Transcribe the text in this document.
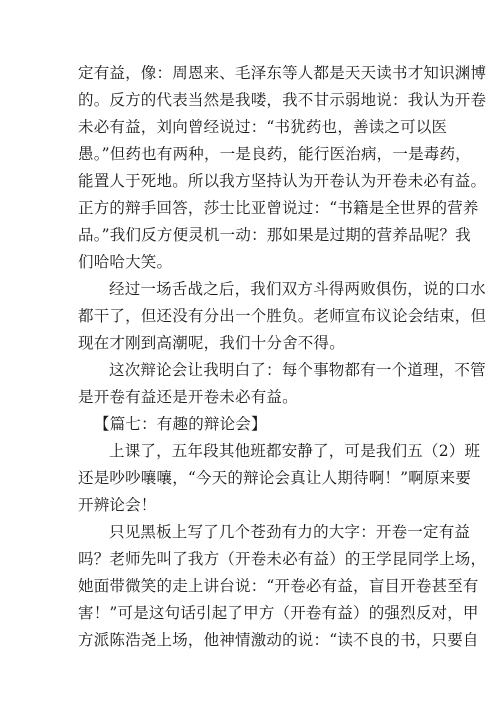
定有益，像：周恩来、毛泽东等人都是天天读书才知识渊博
的。反方的代表当然是我喽，我不甘示弱地说：我认为开卷
未必有益，刘向曾经说过：“书犹药也，善读之可以医
愚。”但药也有两种，一是良药，能行医治病，一是毒药，
能置人于死地。所以我方坚持认为开卷认为开卷未必有益。
正方的辩手回答，莎士比亚曾说过：“书籍是全世界的营养
品。”我们反方便灵机一动：那如果是过期的营养品呢？我
们哈哈大笑。
经过一场舌战之后，我们双方斗得两败俱伤，说的口水
都干了，但还没有分出一个胜负。老师宣布议论会结束，但
现在才刚到高潮呢，我们十分舍不得。
这次辩论会让我明白了：每个事物都有一个道理，不管
是开卷有益还是开卷未必有益。
【篇七：有趣的辩论会】
上课了，五年段其他班都安静了，可是我们五（2）班
还是吵吵嚷嚷，“今天的辩论会真让人期待啊！”啊原来要
开辨论会！
只见黑板上写了几个苍劲有力的大字：开卷一定有益
吗？老师先叫了我方（开卷未必有益）的王学昆同学上场，
她面带微笑的走上讲台说：“开卷必有益，盲目开卷甚至有
害！”可是这句话引起了甲方（开卷有益）的强烈反对，甲
方派陈浩尧上场，他神情激动的说：“读不良的书，只要自
